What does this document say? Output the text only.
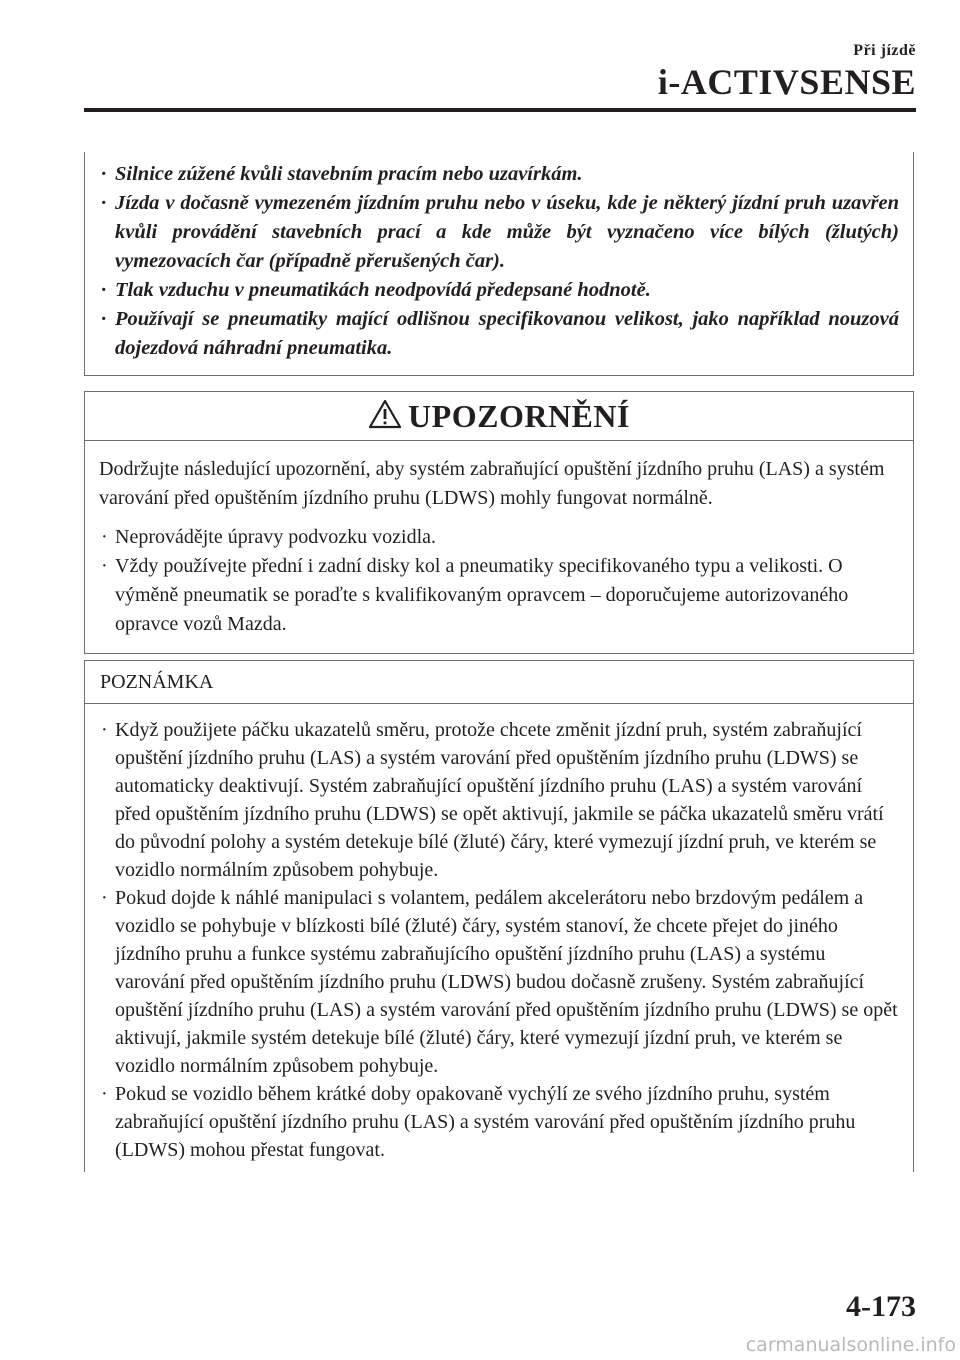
Při jízdě
i-ACTIVSENSE
· Silnice zúžené kvůli stavebním pracím nebo uzavírkám.
· Jízda v dočasně vymezeném jízdním pruhu nebo v úseku, kde je některý jízdní pruh uzavřen kvůli provádění stavebních prací a kde může být vyznačeno více bílých (žlutých) vymezovacích čar (případně přerušených čar).
· Tlak vzduchu v pneumatikách neodpovídá předepsané hodnotě.
· Používají se pneumatiky mající odlišnou specifikovanou velikost, jako například nouzová dojezdová náhradní pneumatika.
UPOZORNĚNÍ

Dodržujte následující upozornění, aby systém zabraňující opuštění jízdního pruhu (LAS) a systém varování před opuštěním jízdního pruhu (LDWS) mohly fungovat normálně.

· Neprovádějte úpravy podvozku vozidla.
· Vždy používejte přední i zadní disky kol a pneumatiky specifikovaného typu a velikosti. O výměně pneumatik se poraďte s kvalifikovaným opravcem – doporučujeme autorizovaného opravce vozů Mazda.
POZNÁMKA
· Když použijete páčku ukazatelů směru, protože chcete změnit jízdní pruh, systém zabraňující opuštění jízdního pruhu (LAS) a systém varování před opuštěním jízdního pruhu (LDWS) se automaticky deaktivují. Systém zabraňující opuštění jízdního pruhu (LAS) a systém varování před opuštěním jízdního pruhu (LDWS) se opět aktivují, jakmile se páčka ukazatelů směru vrátí do původní polohy a systém detekuje bílé (žluté) čáry, které vymezují jízdní pruh, ve kterém se vozidlo normálním způsobem pohybuje.
· Pokud dojde k náhlé manipulaci s volantem, pedálem akcelerátoru nebo brzdovým pedálem a vozidlo se pohybuje v blízkosti bílé (žluté) čáry, systém stanoví, že chcete přejet do jiného jízdního pruhu a funkce systému zabraňujícího opuštění jízdního pruhu (LAS) a systému varování před opuštěním jízdního pruhu (LDWS) budou dočasně zrušeny. Systém zabraňující opuštění jízdního pruhu (LAS) a systém varování před opuštěním jízdního pruhu (LDWS) se opět aktivují, jakmile systém detekuje bílé (žluté) čáry, které vymezují jízdní pruh, ve kterém se vozidlo normálním způsobem pohybuje.
· Pokud se vozidlo během krátké doby opakovaně vychýlí ze svého jízdního pruhu, systém zabraňující opuštění jízdního pruhu (LAS) a systém varování před opuštěním jízdního pruhu (LDWS) mohou přestat fungovat.
4-173
carmanualsonline.info
